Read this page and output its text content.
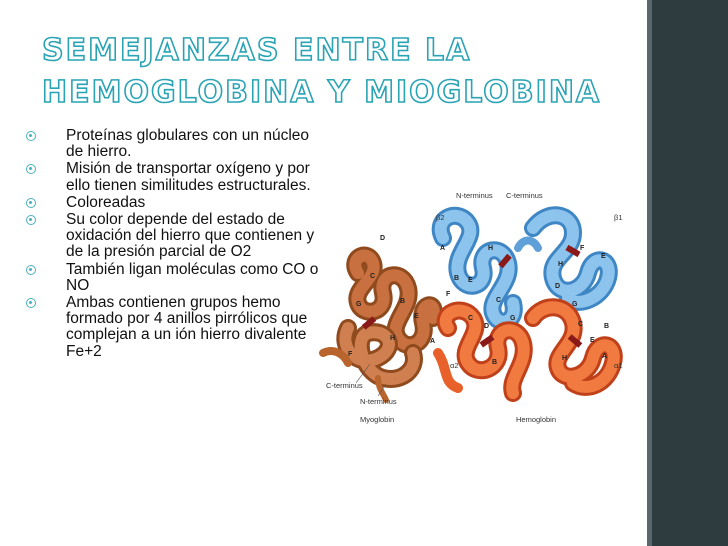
SEMEJANZAS ENTRE LA HEMOGLOBINA Y MIOGLOBINA
Proteínas globulares con un núcleo de hierro.
Misión de transportar oxígeno y por ello tienen similitudes estructurales.
Coloreadas
Su color depende del estado de oxidación del hierro que contienen y de la presión parcial de O2
También ligan moléculas como CO o NO
Ambas contienen grupos hemo formado por 4 anillos pirrólicos que complejan a un ión hierro divalente Fe+2
D
C
B
E
G
F
H	A
A
B E
F
H
C
F
H
E
D
G
D
C
B
G
C
E
B
H	A
N-terminus C-terminus
β2	β1
α2	α1
C-terminus
N-terminus
Myoglobin	Hemoglobin
